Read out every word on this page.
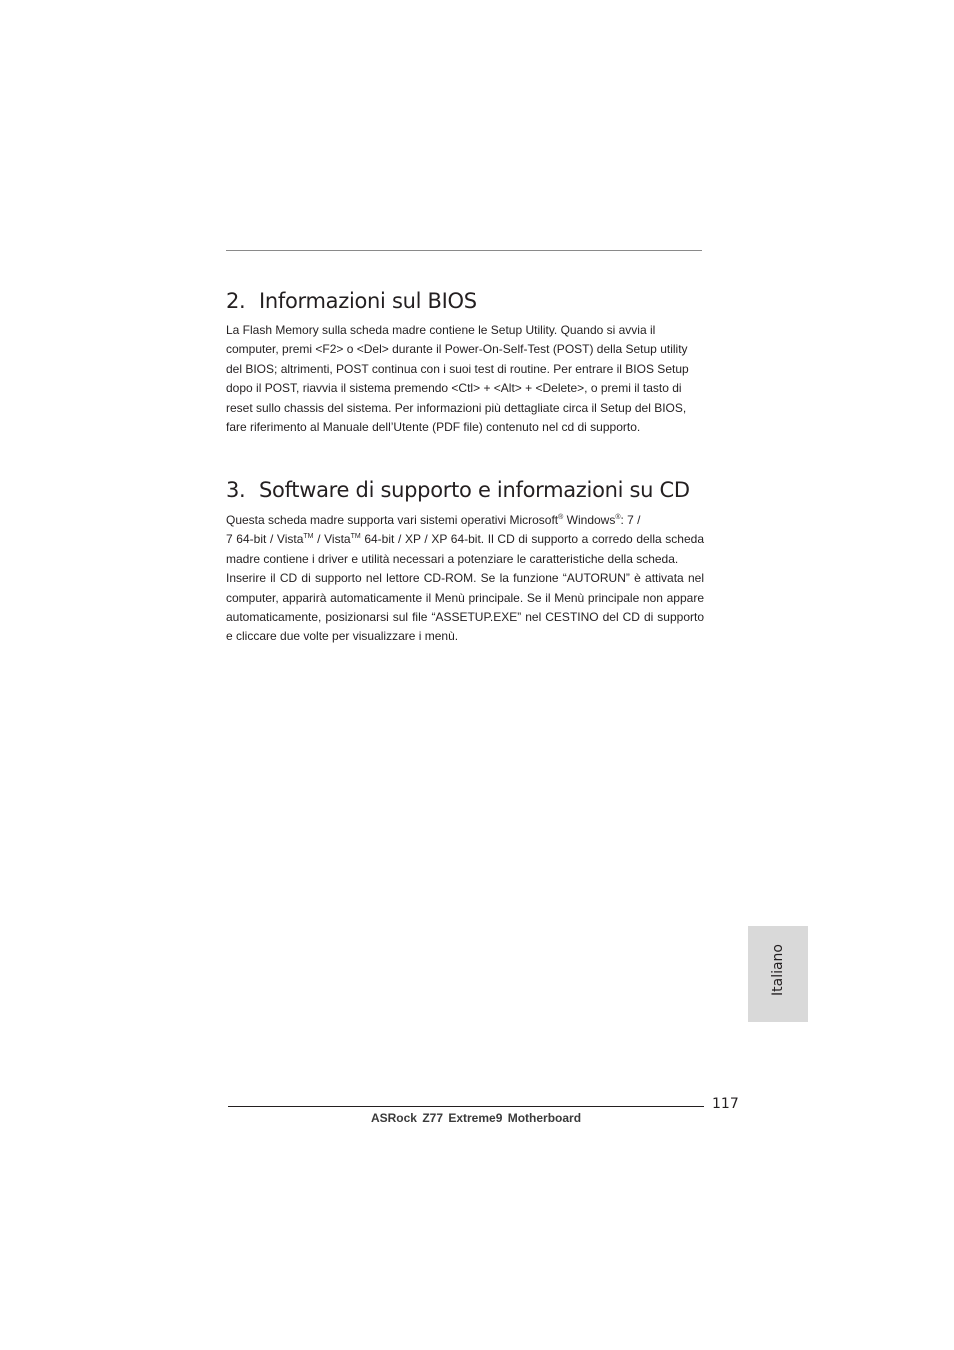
2. Informazioni sul BIOS

La Flash Memory sulla scheda madre contiene le Setup Utility. Quando si avvia il computer, premi <F2> o <Del> durante il Power-On-Self-Test (POST) della Setup utility del BIOS; altrimenti, POST continua con i suoi test di routine. Per entrare il BIOS Setup dopo il POST, riavvia il sistema premendo <Ctl> + <Alt> + <Delete>, o premi il tasto di reset sullo chassis del sistema. Per informazioni più dettagliate circa il Setup del BIOS, fare riferimento al Manuale dell’Utente (PDF file) contenuto nel cd di supporto.

3. Software di supporto e informazioni su CD

Questa scheda madre supporta vari sistemi operativi Microsoft® Windows®: 7 /

7 64-bit / Vista™ / Vista™ 64-bit / XP / XP 64-bit. Il CD di supporto a corredo della scheda madre contiene i driver e utilità necessari a potenziare le caratteristiche della scheda.

Inserire il CD di supporto nel lettore CD-ROM. Se la funzione “AUTORUN” è attivata nel computer, apparirà automaticamente il Menù principale. Se il Menù principale non appare automaticamente, posizionarsi sul file “ASSETUP.EXE” nel CESTINO del CD di supporto e cliccare due volte per visualizzare i menù.

Italiano
117
ASRock Z77 Extreme9 Motherboard
